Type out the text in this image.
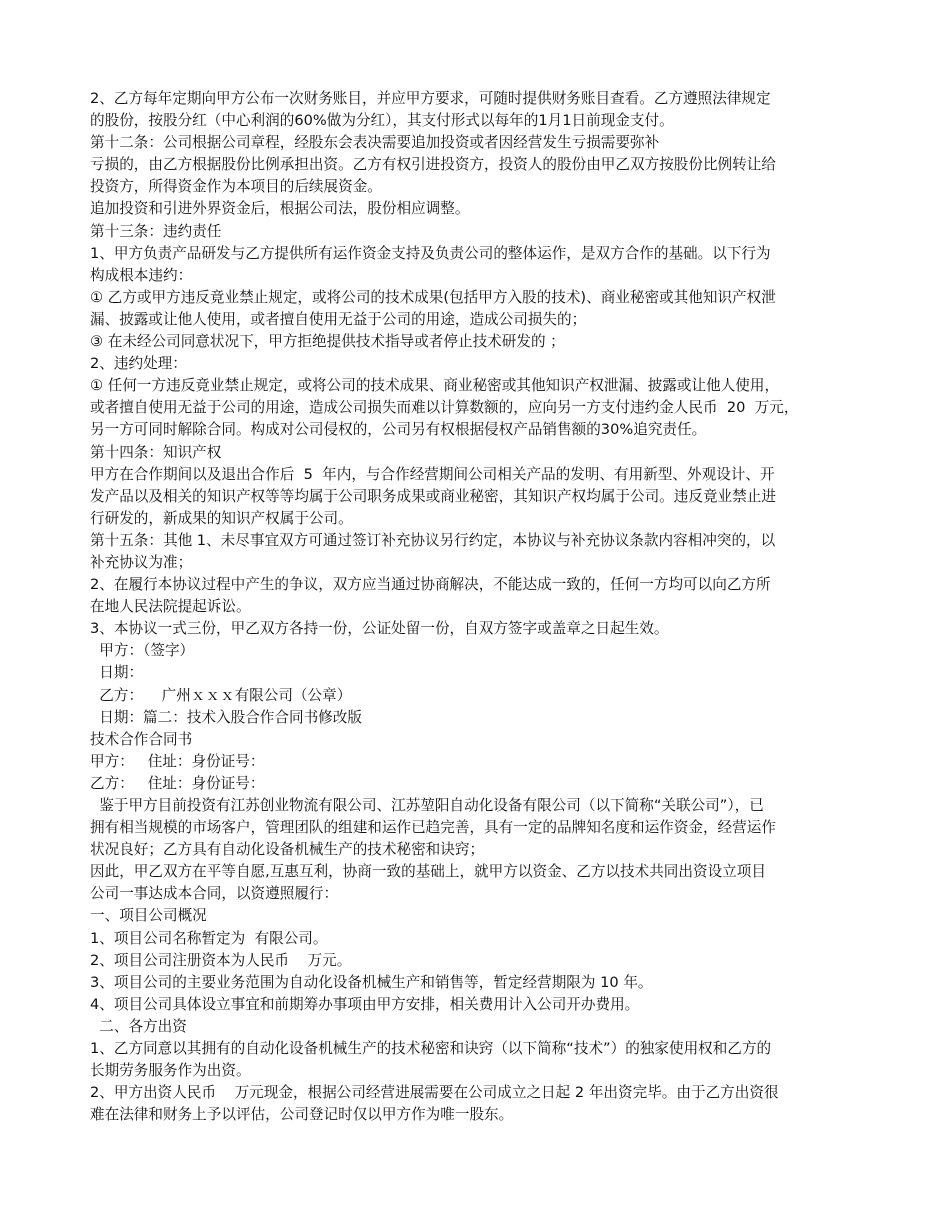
2、乙方每年定期向甲方公布一次财务账目，并应甲方要求，可随时提供财务账目查看。乙方遵照法律规定
的股份，按股分红（中心利润的60%做为分红），其支付形式以每年的1月1日前现金支付。
第十二条：公司根据公司章程，经股东会表决需要追加投资或者因经营发生亏损需要弥补
亏损的，由乙方根据股份比例承担出资。乙方有权引进投资方，投资人的股份由甲乙双方按股份比例转让给
投资方，所得资金作为本项目的后续展资金。
追加投资和引进外界资金后，根据公司法，股份相应调整。
第十三条：违约责任
1、甲方负责产品研发与乙方提供所有运作资金支持及负责公司的整体运作，是双方合作的基础。以下行为
构成根本违约：
① 乙方或甲方违反竟业禁止规定，或将公司的技术成果(包括甲方入股的技术)、商业秘密或其他知识产权泄
漏、披露或让他人使用，或者擅自使用无益于公司的用途，造成公司损失的；
③ 在未经公司同意状况下，甲方拒绝提供技术指导或者停止技术研发的 ；
2、违约处理：
① 任何一方违反竟业禁止规定，或将公司的技术成果、商业秘密或其他知识产权泄漏、披露或让他人使用，
或者擅自使用无益于公司的用途，造成公司损失而难以计算数额的，应向另一方支付违约金人民币  20  万元，
另一方可同时解除合同。构成对公司侵权的，公司另有权根据侵权产品销售额的30%追究责任。
第十四条：知识产权
甲方在合作期间以及退出合作后  5  年内，与合作经营期间公司相关产品的发明、有用新型、外观设计、开
发产品以及相关的知识产权等等均属于公司职务成果或商业秘密，其知识产权均属于公司。违反竟业禁止进
行研发的，新成果的知识产权属于公司。
第十五条：其他 1、未尽事宜双方可通过签订补充协议另行约定，本协议与补充协议条款内容相冲突的，以
补充协议为准；
2、在履行本协议过程中产生的争议，双方应当通过协商解决，不能达成一致的，任何一方均可以向乙方所
在地人民法院提起诉讼。
3、本协议一式三份，甲乙双方各持一份，公证处留一份，自双方签字或盖章之日起生效。
甲方：（签字）
日期：
乙方：    广州ｘｘｘ有限公司（公章）
日期：篇二：技术入股合作合同书修改版
技术合作合同书
甲方：   住址：身份证号：
乙方：   住址：身份证号：
鉴于甲方目前投资有江苏创业物流有限公司、江苏堃阳自动化设备有限公司（以下简称“关联公司”），已
拥有相当规模的市场客户，管理团队的组建和运作已趋完善，具有一定的品牌知名度和运作资金，经营运作
状况良好；乙方具有自动化设备机械生产的技术秘密和诀窍；
因此，甲乙双方在平等自愿,互惠互利，协商一致的基础上，就甲方以资金、乙方以技术共同出资设立项目
公司一事达成本合同，以资遵照履行：
一、项目公司概况
1、项目公司名称暂定为  有限公司。
2、项目公司注册资本为人民币    万元。
3、项目公司的主要业务范围为自动化设备机械生产和销售等，暂定经营期限为 10 年。
4、项目公司具体设立事宜和前期筹办事项由甲方安排，相关费用计入公司开办费用。
二、各方出资
1、乙方同意以其拥有的自动化设备机械生产的技术秘密和诀窍（以下简称“技术”）的独家使用权和乙方的
长期劳务服务作为出资。
2、甲方出资人民币    万元现金，根据公司经营进展需要在公司成立之日起 2 年出资完毕。由于乙方出资很
难在法律和财务上予以评估，公司登记时仅以甲方作为唯一股东。
